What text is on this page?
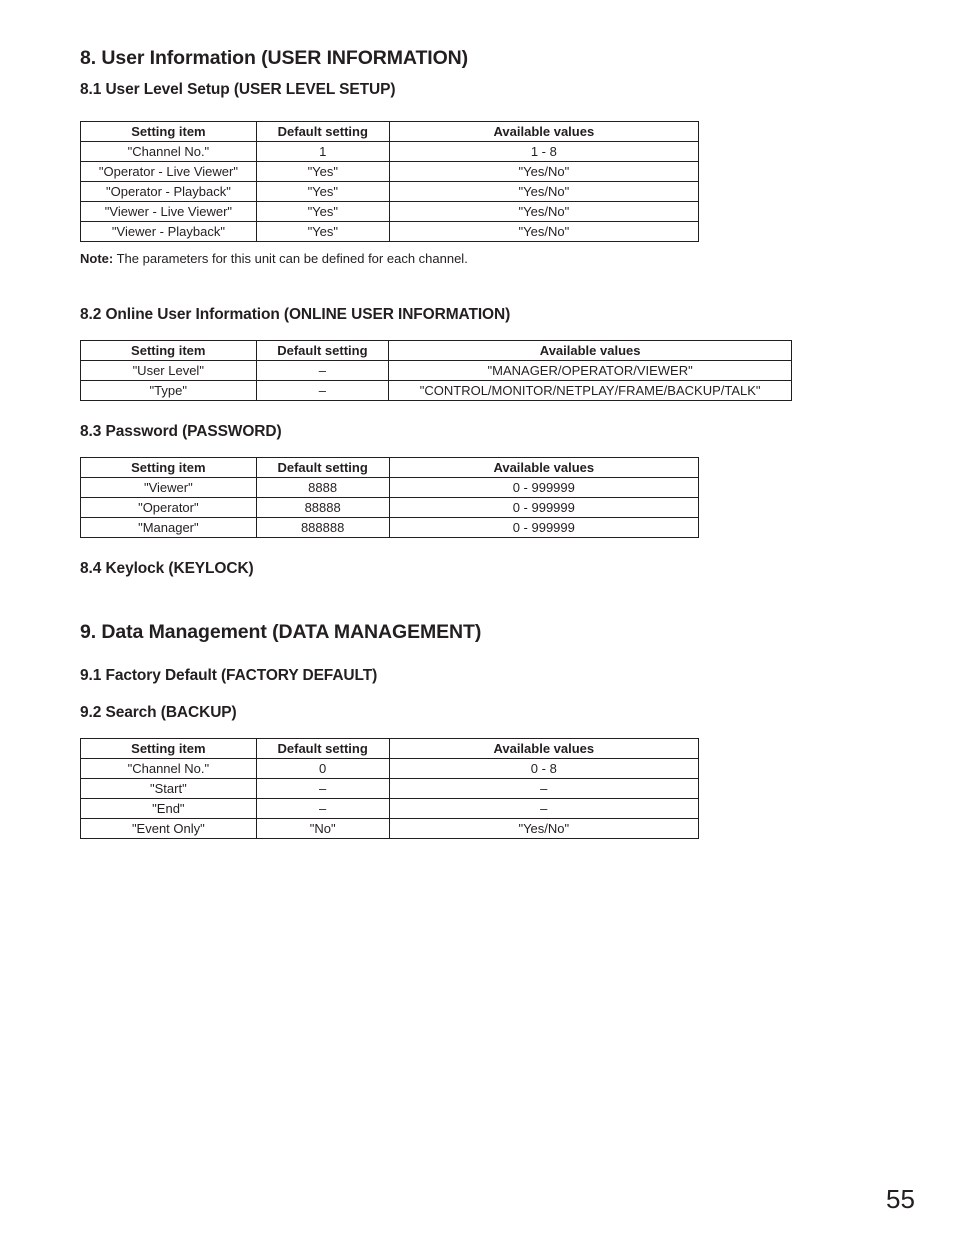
8. User Information (USER INFORMATION)
8.1 User Level Setup (USER LEVEL SETUP)
Setting item	Default setting	Available values
"Channel No."	1	1 - 8
"Operator - Live Viewer"	"Yes"	"Yes/No"
"Operator - Playback"	"Yes"	"Yes/No"
"Viewer - Live Viewer"	"Yes"	"Yes/No"
"Viewer - Playback"	"Yes"	"Yes/No"
Note: The parameters for this unit can be defined for each channel.
8.2 Online User Information (ONLINE USER INFORMATION)
Setting item	Default setting	Available values
"User Level"	–	"MANAGER/OPERATOR/VIEWER"
"Type"	–	"CONTROL/MONITOR/NETPLAY/FRAME/BACKUP/TALK"
8.3 Password (PASSWORD)
Setting item	Default setting	Available values
"Viewer"	8888	0 - 999999
"Operator"	88888	0 - 999999
"Manager"	888888	0 - 999999
8.4 Keylock (KEYLOCK)
9. Data Management (DATA MANAGEMENT)
9.1 Factory Default (FACTORY DEFAULT)
9.2 Search (BACKUP)
Setting item	Default setting	Available values
"Channel No."	0	0 - 8
"Start"	–	–
"End"	–	–
"Event Only"	"No"	"Yes/No"
55
